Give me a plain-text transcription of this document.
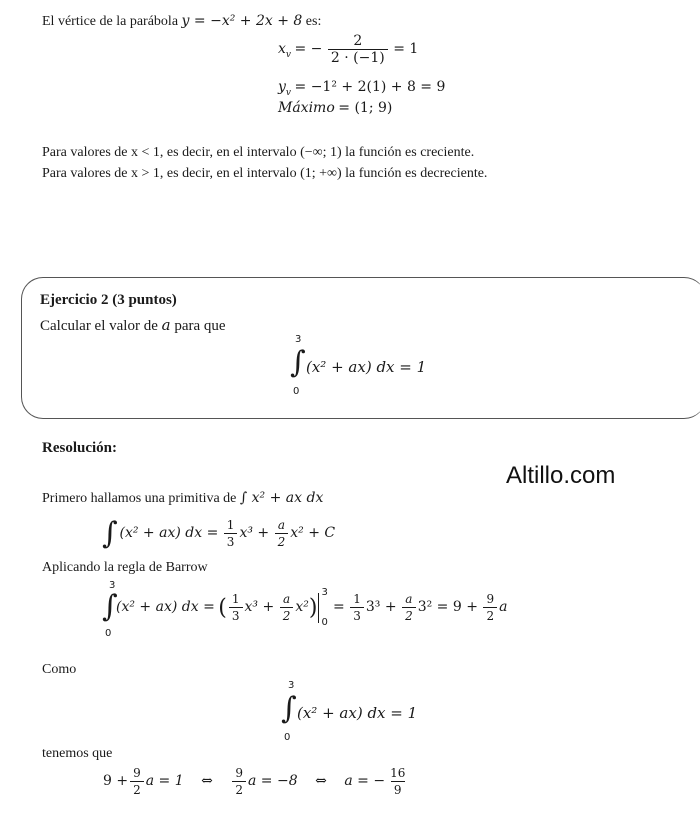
El vértice de la parábola y = −x² + 2x + 8 es:
$x_v$ = − $\frac{2}{2 \cdot (-1)} = 1$
$y_v = -1^2 + 2(1) + 8 = 9$
Máximo = (1; 9)
Para valores de x < 1, es decir, en el intervalo (−∞; 1) la función es creciente.
Para valores de x > 1, es decir, en el intervalo (1; +∞) la función es decreciente.
Ejercicio 2 (3 puntos)
Calcular el valor de a para que
3
∫
0
(x² + ax) dx = 1
Resolución:
Altillo.com
Primero hallamos una primitiva de ∫ x² + ax dx
∫ (x² + ax) dx = $\frac{1}{3} x^3 + \frac{a}{2} x^2 + C$
Aplicando la regla de Barrow
3
∫
0
(x² + ax) dx = ( $\frac{1}{3} x^3 + \frac{a}{2} x^2$)
3
0
= $\frac{1}{3} 3^3 + \frac{a}{2} 3^2 = 9 + \frac{9}{2}$ a
Como
3
∫
0
(x² + ax) dx = 1
tenemos que
$9 + \frac{9}{2}$ a = 1 ⇔ $\frac{9}{2}$ a = −8 ⇔ a = − $\frac{16}{9}$
